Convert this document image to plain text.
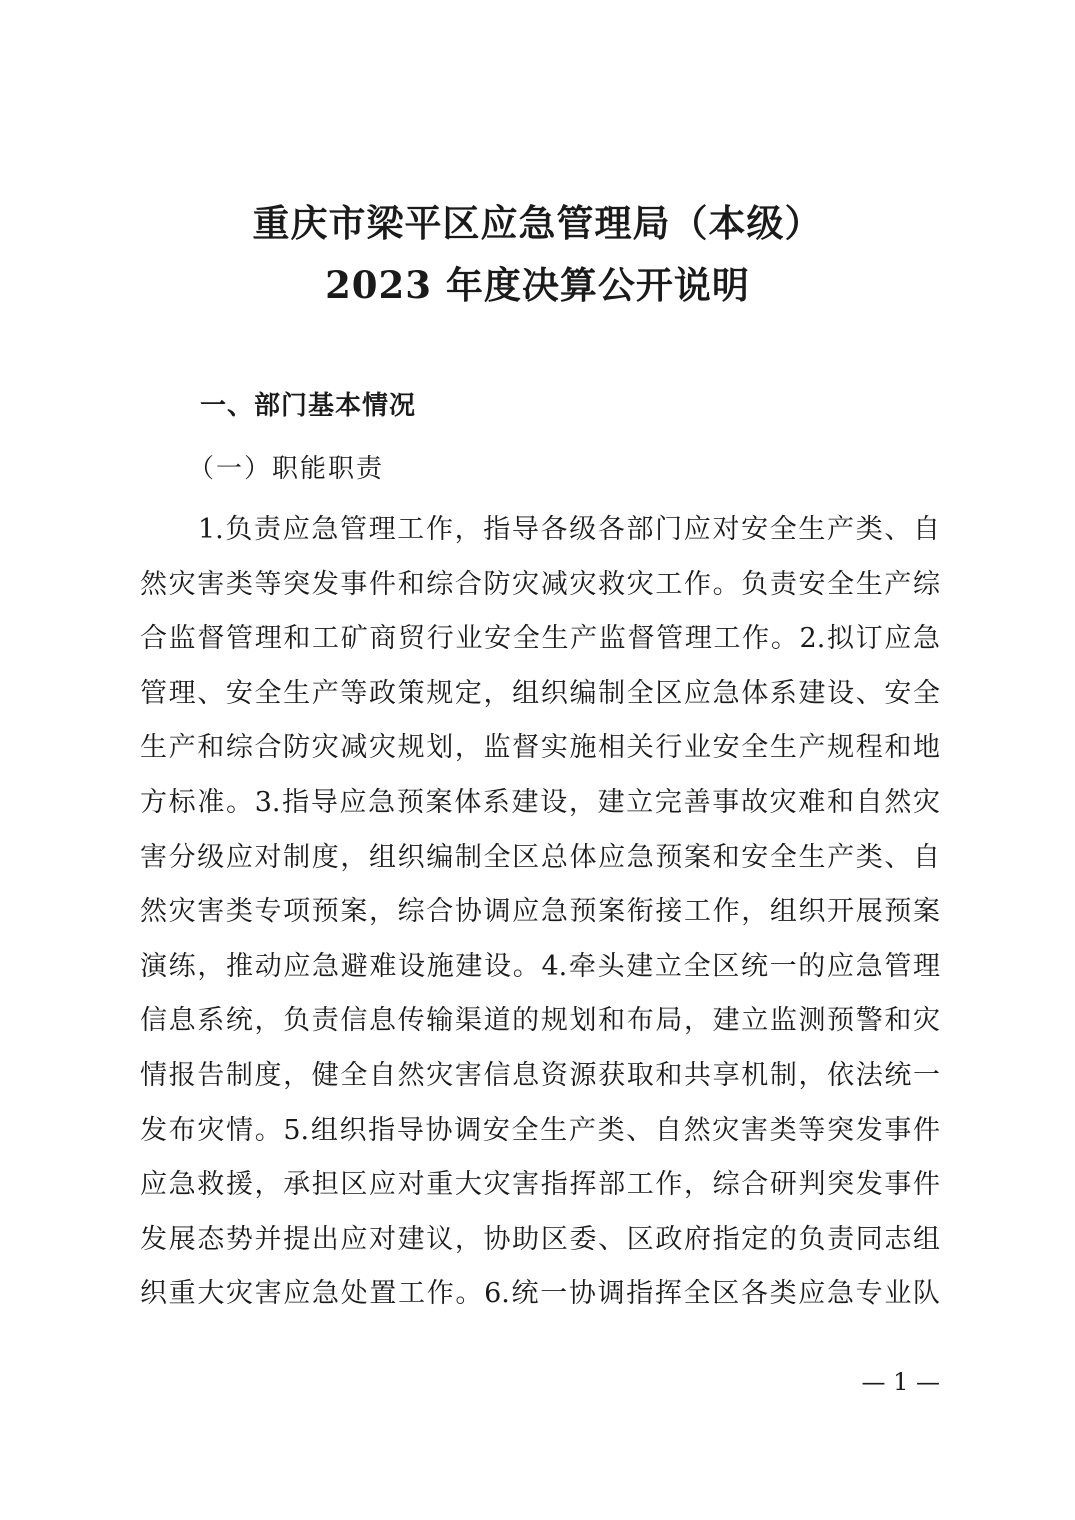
重庆市梁平区应急管理局（本级）
2023 年度决算公开说明
一、部门基本情况
（一）职能职责
1.负责应急管理工作，指导各级各部门应对安全生产类、自
然灾害类等突发事件和综合防灾减灾救灾工作。负责安全生产综
合监督管理和工矿商贸行业安全生产监督管理工作。2.拟订应急
管理、安全生产等政策规定，组织编制全区应急体系建设、安全
生产和综合防灾减灾规划，监督实施相关行业安全生产规程和地
方标准。3.指导应急预案体系建设，建立完善事故灾难和自然灾
害分级应对制度，组织编制全区总体应急预案和安全生产类、自
然灾害类专项预案，综合协调应急预案衔接工作，组织开展预案
演练，推动应急避难设施建设。4.牵头建立全区统一的应急管理
信息系统，负责信息传输渠道的规划和布局，建立监测预警和灾
情报告制度，健全自然灾害信息资源获取和共享机制，依法统一
发布灾情。5.组织指导协调安全生产类、自然灾害类等突发事件
应急救援，承担区应对重大灾害指挥部工作，综合研判突发事件
发展态势并提出应对建议，协助区委、区政府指定的负责同志组
织重大灾害应急处置工作。6.统一协调指挥全区各类应急专业队
— 1 —
